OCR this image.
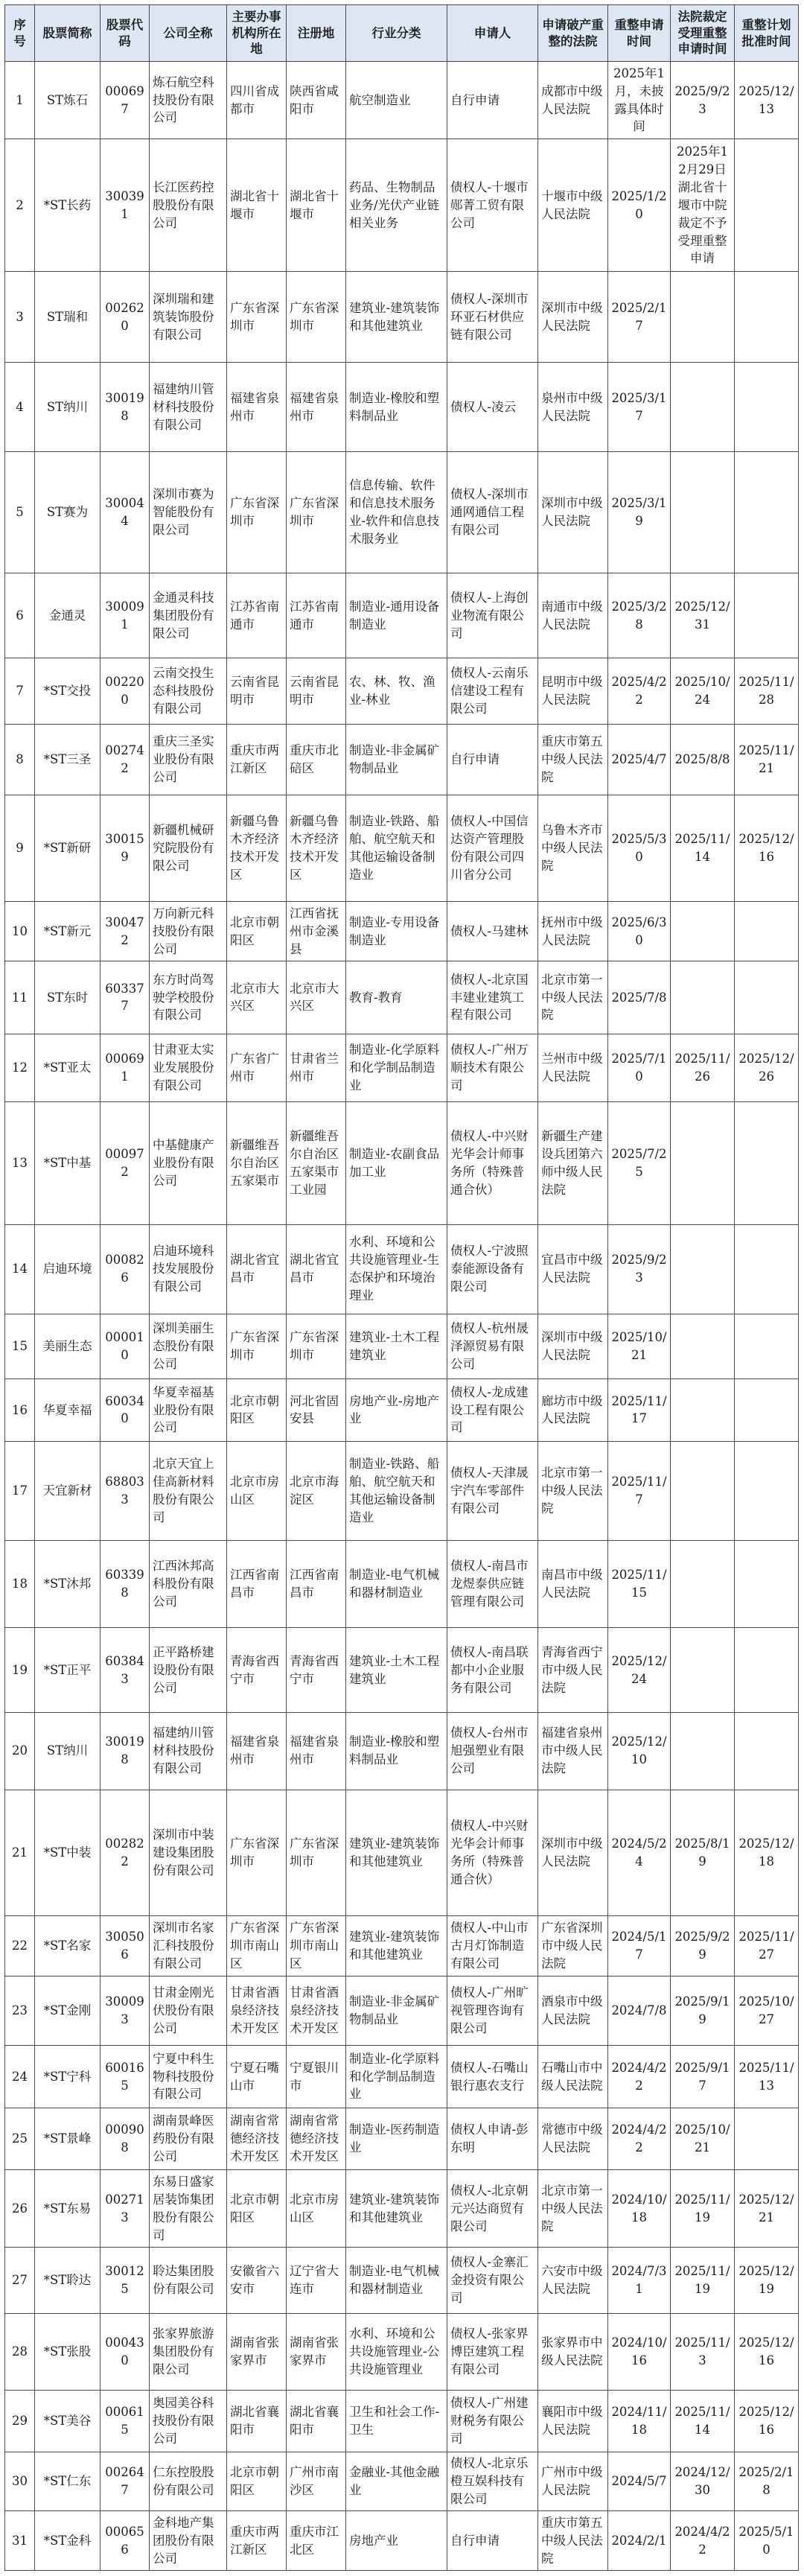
序号	股票简称	股票代码	公司全称	主要办事机构所在地	注册地	行业分类	申请人	申请破产重整的法院	重整申请时间	法院裁定受理重整申请时间	重整计划批准时间
1	ST炼石	000697	炼石航空科技股份有限公司	四川省成都市	陕西省咸阳市	航空制造业	自行申请	成都市中级人民法院	2025年1月，未披露具体时间	2025/9/23	2025/12/13
2	*ST长药	300391	长江医药控股股份有限公司	湖北省十堰市	湖北省十堰市	药品、生物制品业务/光伏产业链相关业务	债权人-十堰市郧菁工贸有限公司	十堰市中级人民法院	2025/1/20	2025年12月29日湖北省十堰市中院裁定不予受理重整申请	
3	ST瑞和	002620	深圳瑞和建筑装饰股份有限公司	广东省深圳市	广东省深圳市	建筑业-建筑装饰和其他建筑业	债权人-深圳市环亚石材供应链有限公司	深圳市中级人民法院	2025/2/17		
4	ST纳川	300198	福建纳川管材科技股份有限公司	福建省泉州市	福建省泉州市	制造业-橡胶和塑料制品业	债权人-凌云	泉州市中级人民法院	2025/3/17		
5	ST赛为	300044	深圳市赛为智能股份有限公司	广东省深圳市	广东省深圳市	信息传输、软件和信息技术服务业-软件和信息技术服务业	债权人-深圳市通网通信工程有限公司	深圳市中级人民法院	2025/3/19		
6	金通灵	300091	金通灵科技集团股份有限公司	江苏省南通市	江苏省南通市	制造业-通用设备制造业	债权人-上海创业物流有限公司	南通市中级人民法院	2025/3/28	2025/12/31	
7	*ST交投	002200	云南交投生态科技股份有限公司	云南省昆明市	云南省昆明市	农、林、牧、渔业-林业	债权人-云南乐信建设工程有限公司	昆明市中级人民法院	2025/4/22	2025/10/24	2025/11/28
8	*ST三圣	002742	重庆三圣实业股份有限公司	重庆市两江新区	重庆市北碚区	制造业-非金属矿物制品业	自行申请	重庆市第五中级人民法院	2025/4/7	2025/8/8	2025/11/21
9	*ST新研	300159	新疆机械研究院股份有限公司	新疆乌鲁木齐经济技术开发区	新疆乌鲁木齐经济技术开发区	制造业-铁路、船舶、航空航天和其他运输设备制造业	债权人-中国信达资产管理股份有限公司四川省分公司	乌鲁木齐市中级人民法院	2025/5/30	2025/11/14	2025/12/16
10	*ST新元	300472	万向新元科技股份有限公司	北京市朝阳区	江西省抚州市金溪县	制造业-专用设备制造业	债权人-马建林	抚州市中级人民法院	2025/6/30		
11	ST东时	603377	东方时尚驾驶学校股份有限公司	北京市大兴区	北京市大兴区	教育-教育	债权人-北京国丰建业建筑工程有限公司	北京市第一中级人民法院	2025/7/8		
12	*ST亚太	000691	甘肃亚太实业发展股份有限公司	广东省广州市	甘肃省兰州市	制造业-化学原料和化学制品制造业	债权人-广州万顺技术有限公司	兰州市中级人民法院	2025/7/10	2025/11/26	2025/12/26
13	*ST中基	000972	中基健康产业股份有限公司	新疆维吾尔自治区五家渠市	新疆维吾尔自治区五家渠市工业园	制造业-农副食品加工业	债权人-中兴财光华会计师事务所（特殊普通合伙）	新疆生产建设兵团第六师中级人民法院	2025/7/25		
14	启迪环境	000826	启迪环境科技发展股份有限公司	湖北省宜昌市	湖北省宜昌市	水利、环境和公共设施管理业-生态保护和环境治理业	债权人-宁波照泰能源设备有限公司	宜昌市中级人民法院	2025/9/23		
15	美丽生态	000010	深圳美丽生态股份有限公司	广东省深圳市	广东省深圳市	建筑业-土木工程建筑业	债权人-杭州晟泽源贸易有限公司	深圳市中级人民法院	2025/10/21		
16	华夏幸福	600340	华夏幸福基业股份有限公司	北京市朝阳区	河北省固安县	房地产业-房地产业	债权人-龙成建设工程有限公司	廊坊市中级人民法院	2025/11/17		
17	天宜新材	688033	北京天宜上佳高新材料股份有限公司	北京市房山区	北京市海淀区	制造业-铁路、船舶、航空航天和其他运输设备制造业	债权人-天津晟宇汽车零部件有限公司	北京市第一中级人民法院	2025/11/7		
18	*ST沐邦	603398	江西沐邦高科股份有限公司	江西省南昌市	江西省南昌市	制造业-电气机械和器材制造业	债权人-南昌市龙煜泰供应链管理有限公司	南昌市中级人民法院	2025/11/15		
19	*ST正平	603843	正平路桥建设股份有限公司	青海省西宁市	青海省西宁市	建筑业-土木工程建筑业	债权人-南昌联都中小企业服务有限公司	青海省西宁市中级人民法院	2025/12/24		
20	ST纳川	300198	福建纳川管材科技股份有限公司	福建省泉州市	福建省泉州市	制造业-橡胶和塑料制品业	债权人-台州市旭强塑业有限公司	福建省泉州市中级人民法院	2025/12/10		
21	*ST中装	002822	深圳市中装建设集团股份有限公司	广东省深圳市	广东省深圳市	建筑业-建筑装饰和其他建筑业	债权人-中兴财光华会计师事务所（特殊普通合伙）	深圳市中级人民法院	2024/5/24	2025/8/19	2025/12/18
22	*ST名家	300506	深圳市名家汇科技股份有限公司	广东省深圳市南山区	广东省深圳市南山区	建筑业-建筑装饰和其他建筑业	债权人-中山市古月灯饰制造有限公司	广东省深圳市中级人民法院	2024/5/17	2025/9/29	2025/11/27
23	*ST金刚	300093	甘肃金刚光伏股份有限公司	甘肃省酒泉经济技术开发区	甘肃省酒泉经济技术开发区	制造业-非金属矿物制品业	债权人-广州旷视管理咨询有限公司	酒泉市中级人民法院	2024/7/8	2025/9/19	2025/10/27
24	*ST宁科	600165	宁夏中科生物科技股份有限公司	宁夏石嘴山市	宁夏银川市	制造业-化学原料和化学制品制造业	债权人-石嘴山银行惠农支行	石嘴山市中级人民法院	2024/4/22	2025/9/17	2025/11/13
25	*ST景峰	000908	湖南景峰医药股份有限公司	湖南省常德经济技术开发区	湖南省常德经济技术开发区	制造业-医药制造业	债权人申请-彭东明	常德市中级人民法院	2024/4/22	2025/10/21	
26	*ST东易	002713	东易日盛家居装饰集团股份有限公司	北京市朝阳区	北京市房山区	建筑业-建筑装饰和其他建筑业	债权人-北京朝元兴达商贸有限公司	北京市第一中级人民法院	2024/10/18	2025/11/19	2025/12/21
27	*ST聆达	300125	聆达集团股份有限公司	安徽省六安市	辽宁省大连市	制造业-电气机械和器材制造业	债权人-金寨汇金投资有限公司	六安市中级人民法院	2024/7/31	2025/11/19	2025/12/19
28	*ST张股	000430	张家界旅游集团股份有限公司	湖南省张家界市	湖南省张家界市	水利、环境和公共设施管理业-公共设施管理业	债权人-张家界博臣建筑工程有限公司	张家界市中级人民法院	2024/10/16	2025/11/3	2025/12/16
29	*ST美谷	000615	奥园美谷科技股份有限公司	湖北省襄阳市	湖北省襄阳市	卫生和社会工作-卫生	债权人-广州建财税务有限公司	襄阳市中级人民法院	2024/11/18	2025/11/14	2025/12/16
30	*ST仁东	002647	仁东控股股份有限公司	北京市朝阳区	广州市南沙区	金融业-其他金融业	债权人-北京乐橙互娱科技有限公司	广州市中级人民法院	2024/5/7	2024/12/30	2025/2/18
31	*ST金科	000656	金科地产集团股份有限公司	重庆市两江新区	重庆市江北区	房地产业	自行申请	重庆市第五中级人民法院	2024/2/1	2024/4/22	2025/5/10
